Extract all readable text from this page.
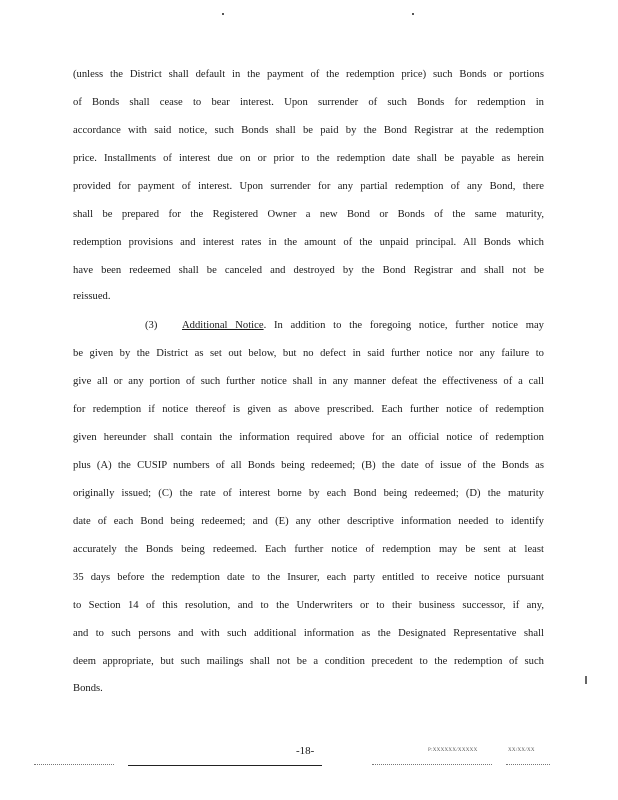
(unless the District shall default in the payment of the redemption price) such Bonds or portions
of Bonds shall cease to bear interest. Upon surrender of such Bonds for redemption in
accordance with said notice, such Bonds shall be paid by the Bond Registrar at the redemption
price. Installments of interest due on or prior to the redemption date shall be payable as herein
provided for payment of interest. Upon surrender for any partial redemption of any Bond, there
shall be prepared for the Registered Owner a new Bond or Bonds of the same maturity,
redemption provisions and interest rates in the amount of the unpaid principal. All Bonds which
have been redeemed shall be canceled and destroyed by the Bond Registrar and shall not be
reissued.
(3) Additional Notice. In addition to the foregoing notice, further notice may
be given by the District as set out below, but no defect in said further notice nor any failure to
give all or any portion of such further notice shall in any manner defeat the effectiveness of a call
for redemption if notice thereof is given as above prescribed. Each further notice of redemption
given hereunder shall contain the information required above for an official notice of redemption
plus (A) the CUSIP numbers of all Bonds being redeemed; (B) the date of issue of the Bonds as
originally issued; (C) the rate of interest borne by each Bond being redeemed; (D) the maturity
date of each Bond being redeemed; and (E) any other descriptive information needed to identify
accurately the Bonds being redeemed. Each further notice of redemption may be sent at least
35 days before the redemption date to the Insurer, each party entitled to receive notice pursuant
to Section 14 of this resolution, and to the Underwriters or to their business successor, if any,
and to such persons and with such additional information as the Designated Representative shall
deem appropriate, but such mailings shall not be a condition precedent to the redemption of such
Bonds.
-18-	P:XXXXXX/XXXXX	XX/XX/XX
